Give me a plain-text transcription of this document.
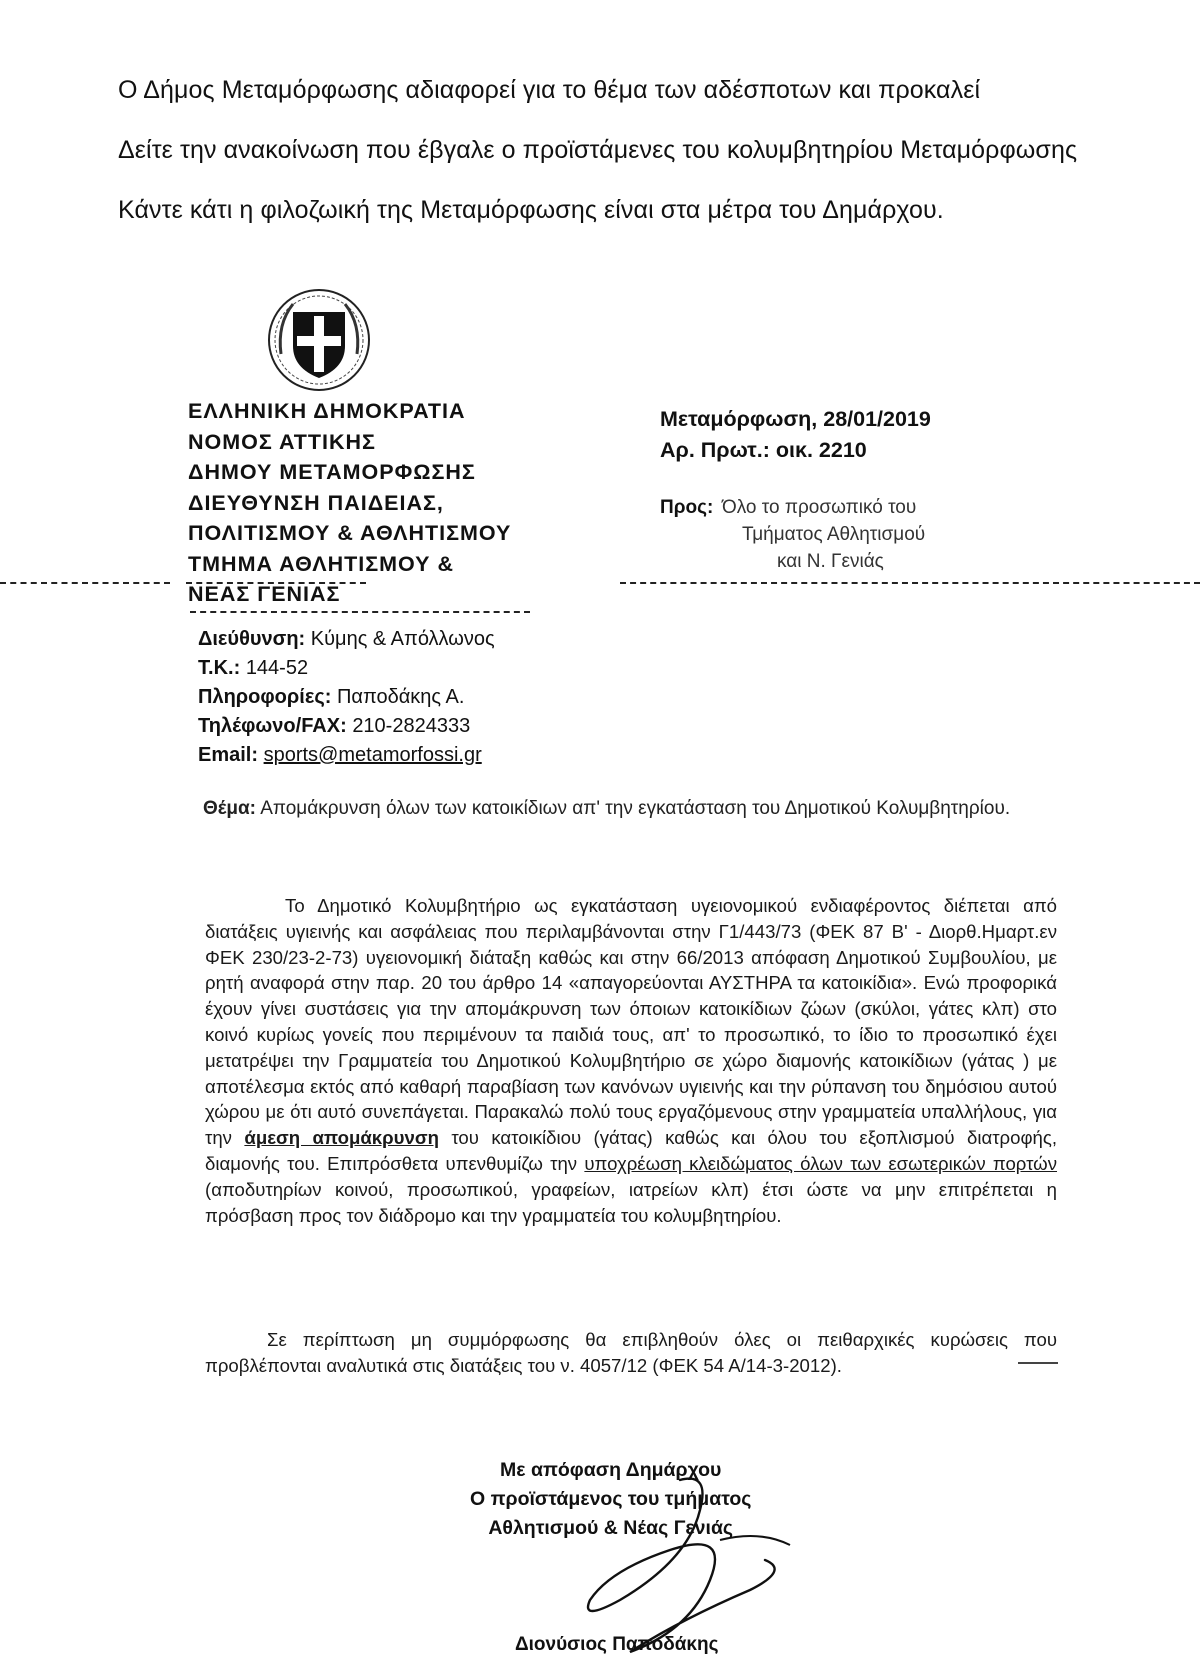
Ο Δήμος Μεταμόρφωσης αδιαφορεί για το θέμα των αδέσποτων και προκαλεί
Δείτε την ανακοίνωση που έβγαλε ο προϊστάμενες του κολυμβητηρίου Μεταμόρφωσης
Κάντε κάτι η φιλοζωική της Μεταμόρφωσης είναι στα μέτρα του Δημάρχου.
ΕΛΛΗΝΙΚΗ ΔΗΜΟΚΡΑΤΙΑ
ΝΟΜΟΣ ΑΤΤΙΚΗΣ
ΔΗΜΟΥ ΜΕΤΑΜΟΡΦΩΣΗΣ
ΔΙΕΥΘΥΝΣΗ ΠΑΙΔΕΙΑΣ,
ΠΟΛΙΤΙΣΜΟΥ & ΑΘΛΗΤΙΣΜΟΥ
ΤΜΗΜΑ ΑΘΛΗΤΙΣΜΟΥ &
ΝΕΑΣ ΓΕΝΙΑΣ
Μεταμόρφωση, 28/01/2019
Αρ. Πρωτ.: οικ. 2210
Προς: Όλο το προσωπικό του
Τμήματος Αθλητισμού
και Ν. Γενιάς
Διεύθυνση: Κύμης & Απόλλωνος
Τ.Κ.: 144-52
Πληροφορίες: Παποδάκης Α.
Τηλέφωνο/FAX: 210-2824333
Email: sports@metamorfossi.gr
Θέμα: Απομάκρυνση όλων των κατοικίδιων απ' την εγκατάσταση του Δημοτικού Κολυμβητηρίου.
Το Δημοτικό Κολυμβητήριο ως εγκατάσταση υγειονομικού ενδιαφέροντος διέπεται από διατάξεις υγιεινής και ασφάλειας που περιλαμβάνονται στην Γ1/443/73 (ΦΕΚ 87 Β' - Διορθ.Ημαρτ.εν ΦΕΚ 230/23-2-73) υγειονομική διάταξη καθώς και στην 66/2013 απόφαση Δημοτικού Συμβουλίου, με ρητή αναφορά στην παρ. 20 του άρθρο 14 «απαγορεύονται ΑΥΣΤΗΡΑ τα κατοικίδια». Ενώ προφορικά έχουν γίνει συστάσεις για την απομάκρυνση των όποιων κατοικίδιων ζώων (σκύλοι, γάτες κλπ) στο κοινό κυρίως γονείς που περιμένουν τα παιδιά τους, απ' το προσωπικό, το ίδιο το προσωπικό έχει μετατρέψει την Γραμματεία του Δημοτικού Κολυμβητήριο σε χώρο διαμονής κατοικίδιων (γάτας ) με αποτέλεσμα εκτός από καθαρή παραβίαση των κανόνων υγιεινής και την ρύπανση του δημόσιου αυτού χώρου με ότι αυτό συνεπάγεται. Παρακαλώ πολύ τους εργαζόμενους στην γραμματεία υπαλλήλους, για την άμεση απομάκρυνση του κατοικίδιου (γάτας) καθώς και όλου του εξοπλισμού διατροφής, διαμονής του. Επιπρόσθετα υπενθυμίζω την υποχρέωση κλειδώματος όλων των εσωτερικών πορτών (αποδυτηρίων κοινού, προσωπικού, γραφείων, ιατρείων κλπ) έτσι ώστε να μην επιτρέπεται η πρόσβαση προς τον διάδρομο και την γραμματεία του κολυμβητηρίου.
Σε περίπτωση μη συμμόρφωσης θα επιβληθούν όλες οι πειθαρχικές κυρώσεις που προβλέπονται αναλυτικά στις διατάξεις του ν. 4057/12 (ΦΕΚ 54 Α/14-3-2012).
Με απόφαση Δημάρχου
Ο προϊστάμενος του τμήματος
Αθλητισμού & Νέας Γενιάς
Διονύσιος Παποδάκης
